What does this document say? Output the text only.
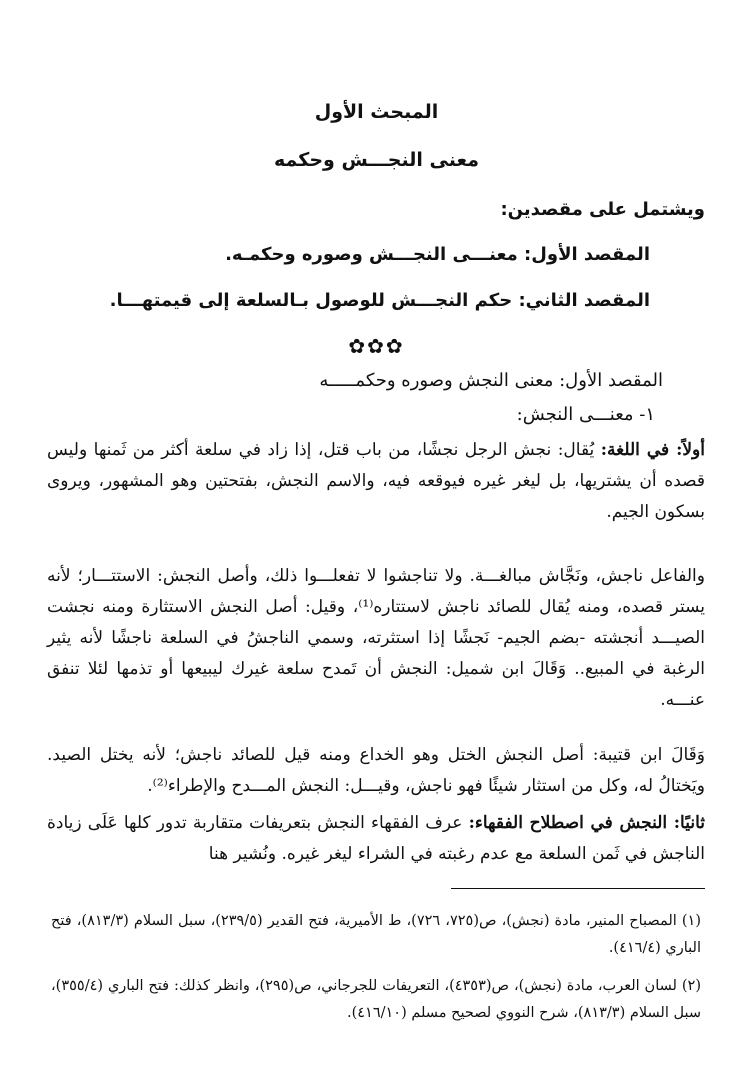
المبحث الأول
معنى النجـــش وحكمه
ويشتمل على مقصدين:
المقصد الأول: معنـــى النجـــش وصوره وحكمـه.
المقصد الثاني: حكم النجـــش للوصول بـالسلعة إلى قيمتهـــا.
✿✿✿
المقصد الأول: معنى النجش وصوره وحكمـــــه
١- معنـــى النجش:
أولاً: في اللغة: يُقال: نجش الرجل نجشًا، من باب قتل، إذا زاد في سلعة أكثر من ثَمنها وليس قصده أن يشتريها، بل ليغر غيره فيوقعه فيه، والاسم النجش، بفتحتين وهو المشهور، ويروى بسكون الجيم.
والفاعل ناجش، ونَجَّاش مبالغـــة. ولا تناجشوا لا تفعلـــوا ذلك، وأصل النجش: الاستتـــار؛ لأنه يستر قصده، ومنه يُقال للصائد ناجش لاستتاره⁽¹⁾، وقيل: أصل النجش الاستثارة ومنه نجشت الصيـــد أنجشته -بضم الجيم- نَجشًا إذا استثرته، وسمي الناجشُ في السلعة ناجشًا لأنه يثير الرغبة في المبيع.. وَقَالَ ابن شميل: النجش أن تَمدح سلعة غيرك ليبيعها أو تذمها لئلا تنفق عنـــه.
وَقَالَ ابن قتيبة: أصل النجش الختل وهو الخداع ومنه قيل للصائد ناجش؛ لأنه يختل الصيد. ويَختالُ له، وكل من استثار شيئًا فهو ناجش، وقيـــل: النجش المـــدح والإطراء⁽²⁾.
ثانيًا: النجش في اصطلاح الفقهاء: عرف الفقهاء النجش بتعريفات متقاربة تدور كلها عَلَى زيادة الناجش في ثَمن السلعة مع عدم رغبته في الشراء ليغر غيره. ونُشير هنا
(١) المصباح المنير، مادة (نجش)، ص(٧٢٥، ٧٢٦)، ط الأميرية، فتح القدير (٢٣٩/٥)، سبل السلام (٨١٣/٣)، فتح الباري (٤١٦/٤).
(٢) لسان العرب، مادة (نجش)، ص(٤٣٥٣)، التعريفات للجرجاني، ص(٢٩٥)، وانظر كذلك: فتح الباري (٣٥٥/٤)، سبل السلام (٨١٣/٣)، شرح النووي لصحيح مسلم (٤١٦/١٠).
